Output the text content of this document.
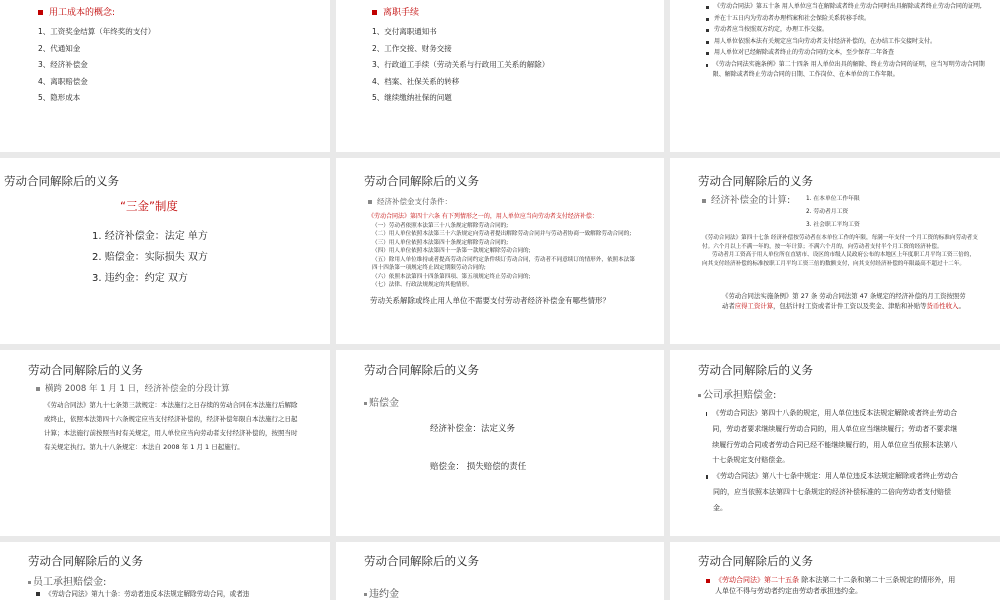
用工成本的概念:
1、工资奖金结算（年终奖的支付）
2、代通知金
3、经济补偿金
4、离职赔偿金
5、隐形成本
离职手续
1、交付离职通知书
2、工作交接、财务交接
3、行政道工手续（劳动关系与行政用工关系的解除）
4、档案、社保关系的转移
5、继续缴纳社保的问题
《劳动合同法》第五十条 用人单位应当在解除或者终止劳动合同时出具解除或者终止劳动合同的证明,
并在十五日内为劳动者办理档案和社会保险关系转移手续。
劳动者应当按照双方约定，办理工作交接。
用人单位依照本法有关规定应当向劳动者支付经济补偿的，在办结工作交接时支付。
用人单位对已经解除或者终止的劳动合同的文本，至少保存二年备查
《劳动合同法实施条例》第二十四条 用人单位出具的解除、终止劳动合同的证明，应当写明劳动合同期限、解除或者终止劳动合同的日期、工作岗位、在本单位的工作年限。
劳动合同解除后的义务
“三金”制度
1. 经济补偿金：法定 单方
2. 赔偿金：实际损失 双方
3. 违约金：约定 双方
劳动合同解除后的义务
经济补偿金支付条件：
《劳动合同法》第四十六条 有下列情形之一的，用人单位应当向劳动者支付经济补偿：
（一）劳动者依照本法第三十八条规定解除劳动合同的;
（二）用人单位依照本法第三十六条规定向劳动者提出解除劳动合同并与劳动者协商一致解除劳动合同的;
（三）用人单位依照本法第四十条规定解除劳动合同的;
（四）用人单位依照本法第四十一条第一款规定解除劳动合同的;
（五）除用人单位维持或者提高劳动合同约定条件续订劳动合同，劳动者不同意续订的情形外，依照本法第四十四条第一项规定终止固定期限劳动合同的;
（六）依照本法第四十四条第四项、第五项规定终止劳动合同的;
（七）法律、行政法规规定的其他情形。
劳动关系解除或终止用人单位不需要支付劳动者经济补偿金有哪些情形？
劳动合同解除后的义务
经济补偿金的计算:	1. 在本单位工作年限
2. 劳动者月工资
3. 社会职工平均工资
《劳动合同法》第四十七条 经济补偿按劳动者在本单位工作的年限，每满一年支付一个月工资的标准向劳动者支付。六个月以上不满一年的，按一年计算；不满六个月的，向劳动者支付半个月工资的经济补偿。
劳动者月工资高于用人单位所在直辖市、设区的市级人民政府公布的本地区上年度职工月平均工资三倍的，向其支付经济补偿的标准按职工月平均工资三倍的数额支付，向其支付经济补偿的年限最高不超过十二年。
《劳动合同法实施条例》第 27 条 劳动合同法第 47 条规定的经济补偿的月工资按照劳动者应得工资计算，包括计时工资或者计件工资以及奖金、津贴和补贴等货币性收入。
劳动合同解除后的义务
横跨 2008 年 1 月 1 日，经济补偿金的分段计算
《劳动合同法》第九十七条第三款规定：本法施行之日存续的劳动合同在本法施行后解除或终止，依照本法第四十六条规定应当支付经济补偿的，经济补偿年限自本法施行之日起计算；本法施行前按照当时有关规定，用人单位应当向劳动者支付经济补偿的，按照当时有关规定执行。第九十八条规定：本法自 2008 年 1 月 1 日起施行。
劳动合同解除后的义务
赔偿金
经济补偿金：法定义务
赔偿金： 损失赔偿的责任
劳动合同解除后的义务
公司承担赔偿金:
《劳动合同法》第四十八条的规定，用人单位违反本法规定解除或者终止劳动合同，劳动者要求继续履行劳动合同的，用人单位应当继续履行；劳动者不要求继续履行劳动合同或者劳动合同已经不能继续履行的，用人单位应当依照本法第八十七条规定支付赔偿金。
《劳动合同法》第八十七条中规定：用人单位违反本法规定解除或者终止劳动合同的，应当依照本法第四十七条规定的经济补偿标准的二倍向劳动者支付赔偿金。
劳动合同解除后的义务
员工承担赔偿金:
《劳动合同法》第九十条：劳动者违反本法规定解除劳动合同，或者违
劳动合同解除后的义务
违约金
劳动合同解除后的义务
《劳动合同法》第二十五条 除本法第二十二条和第二十三条规定的情形外，用人单位不得与劳动者约定由劳动者承担违约金。
